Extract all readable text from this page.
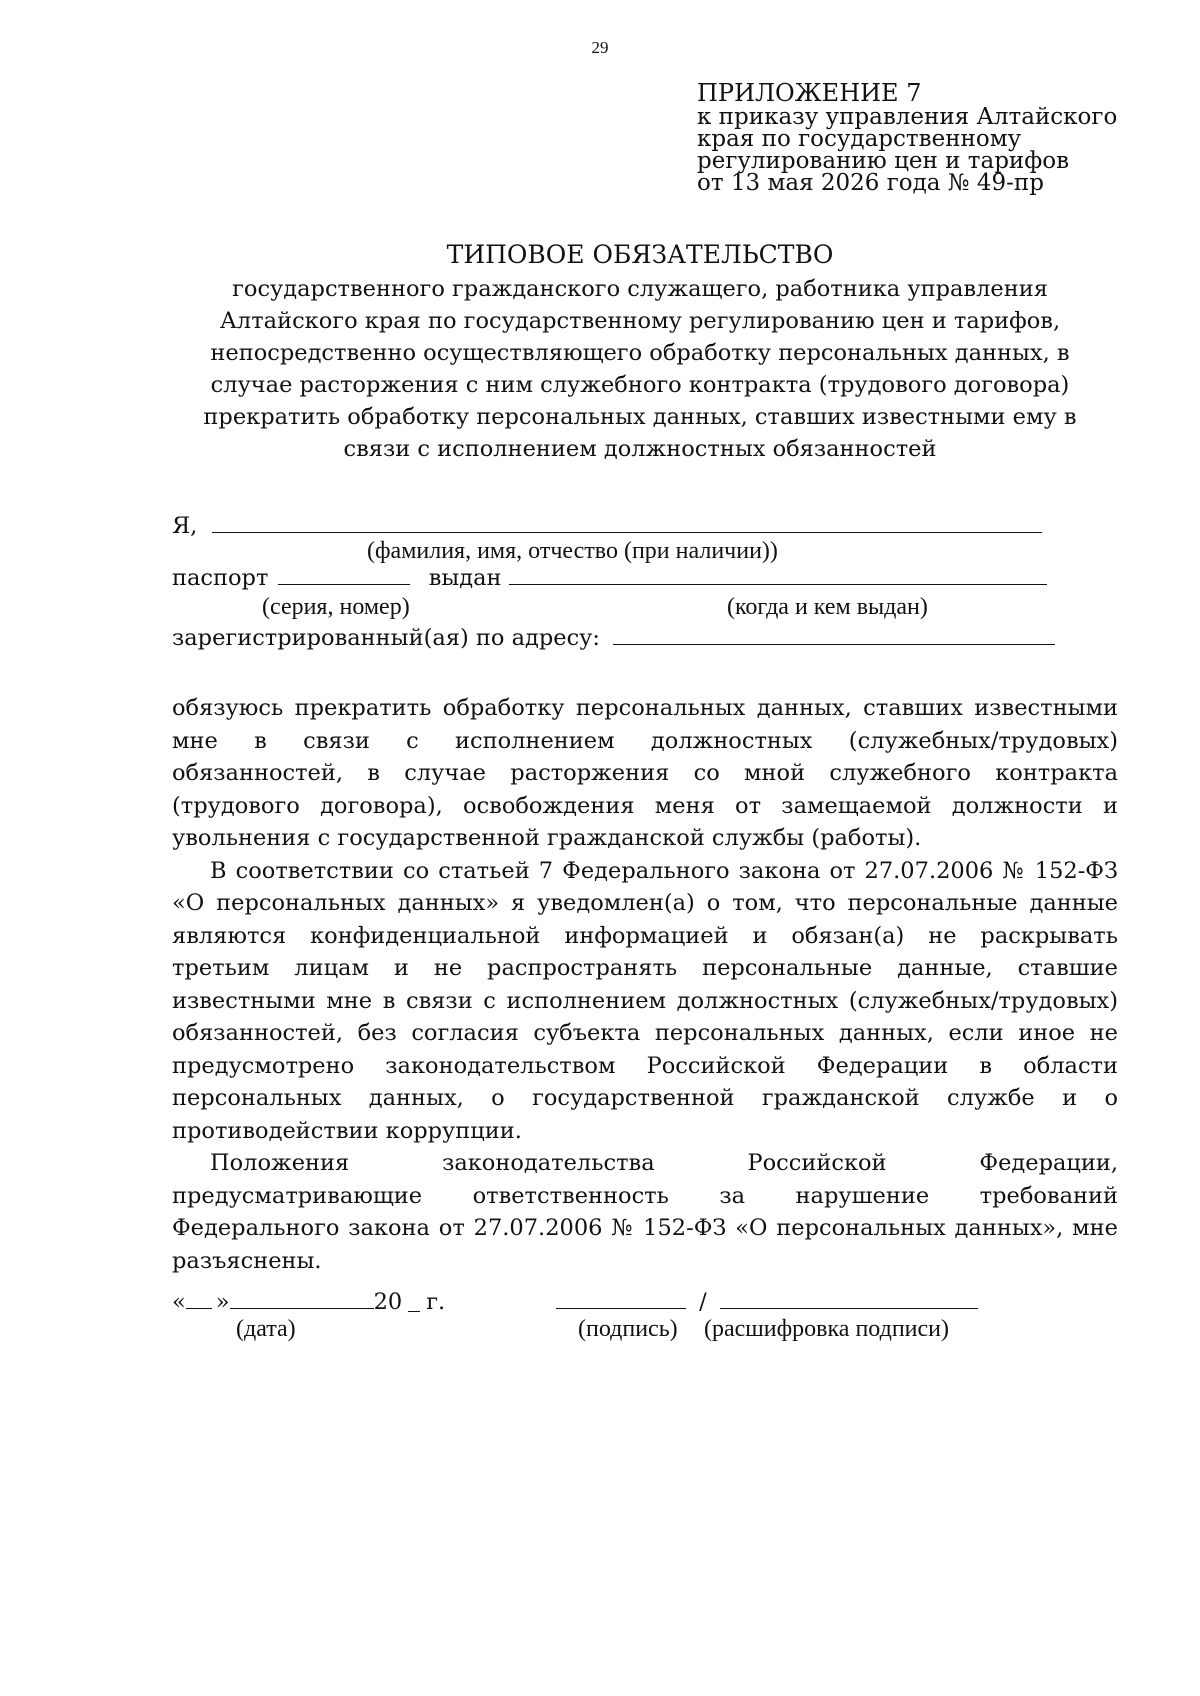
29
ПРИЛОЖЕНИЕ 7
к приказу управления Алтайского
края по государственному
регулированию цен и тарифов
от 13 мая 2026 года № 49-пр
ТИПОВОЕ ОБЯЗАТЕЛЬСТВО
государственного гражданского служащего, работника управления
Алтайского края по государственному регулированию цен и тарифов,
непосредственно осуществляющего обработку персональных данных, в
случае расторжения с ним служебного контракта (трудового договора)
прекратить обработку персональных данных, ставших известными ему в
связи с исполнением должностных обязанностей
Я,
(фамилия, имя, отчество (при наличии))
паспорт	выдан
(серия, номер)	(когда и кем выдан)
зарегистрированный(ая) по адресу:

обязуюсь прекратить обработку персональных данных, ставших известными мне в связи с исполнением должностных (служебных/трудовых) обязанностей, в случае расторжения со мной служебного контракта (трудового договора), освобождения меня от замещаемой должности и увольнения с государственной гражданской службы (работы).

В соответствии со статьей 7 Федерального закона от 27.07.2006 № 152-ФЗ «О персональных данных» я уведомлен(а) о том, что персональные данные являются конфиденциальной информацией и обязан(а) не раскрывать третьим лицам и не распространять персональные данные, ставшие известными мне в связи с исполнением должностных (служебных/трудовых) обязанностей, без согласия субъекта персональных данных, если иное не предусмотрено законодательством Российской Федерации в области персональных данных, о государственной гражданской службе и о противодействии коррупции.

Положения законодательства Российской Федерации,

предусматривающие ответственность за нарушение требований Федерального закона от 27.07.2006 № 152-ФЗ «О персональных данных», мне разъяснены.

« »	20 г.	/
(дата)	(подпись) (расшифровка подписи)
